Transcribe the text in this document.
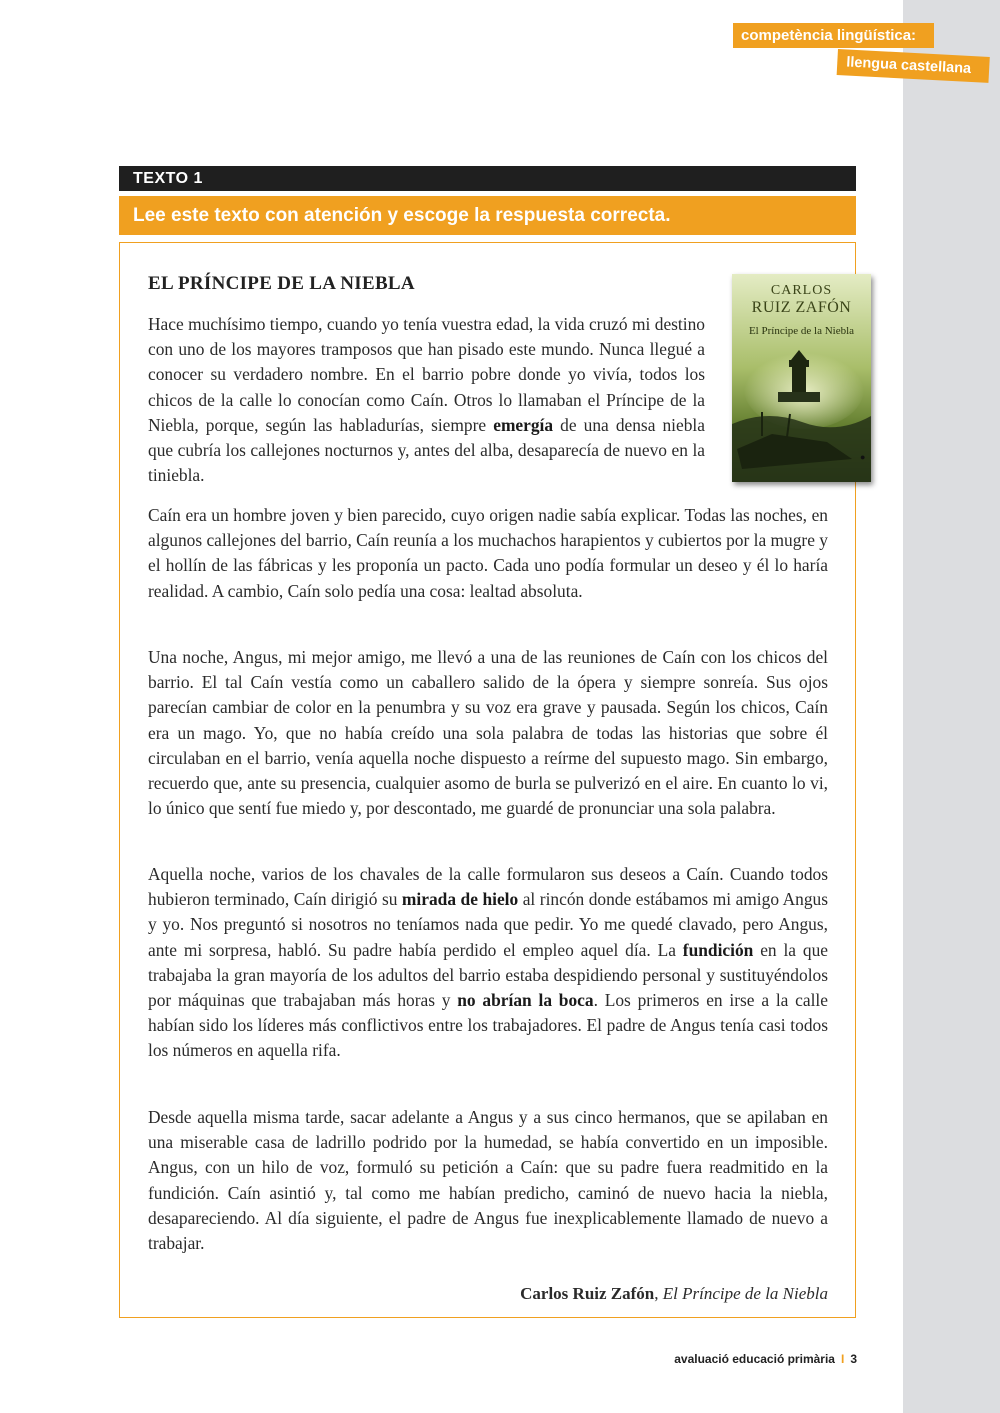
competència lingüística:
llengua castellana
TEXTO 1
Lee este texto con atención y escoge la respuesta correcta.
EL PRÍNCIPE DE LA NIEBLA
●
CARLOS
RUIZ ZAFÓN
El Príncipe de la Niebla

Hace muchísimo tiempo, cuando yo tenía vuestra edad, la vida cruzó mi destino con uno de los mayores tramposos que han pisado este mundo. Nunca llegué a conocer su verdadero nombre. En el barrio pobre donde yo vivía, todos los chicos de la calle lo conocían como Caín. Otros lo llamaban el Príncipe de la Niebla, porque, según las habladurías, siempre emergía de una densa niebla que cubría los callejones nocturnos y, antes del alba, desaparecía de nuevo en la tiniebla.

Caín era un hombre joven y bien parecido, cuyo origen nadie sabía explicar. Todas las noches, en algunos callejones del barrio, Caín reunía a los muchachos harapientos y cubiertos por la mugre y el hollín de las fábricas y les proponía un pacto. Cada uno podía formular un deseo y él lo haría realidad. A cambio, Caín solo pedía una cosa: lealtad absoluta.

Una noche, Angus, mi mejor amigo, me llevó a una de las reuniones de Caín con los chicos del barrio. El tal Caín vestía como un caballero salido de la ópera y siempre sonreía. Sus ojos parecían cambiar de color en la penumbra y su voz era grave y pausada. Según los chicos, Caín era un mago. Yo, que no había creído una sola palabra de todas las historias que sobre él circulaban en el barrio, venía aquella noche dispuesto a reírme del supuesto mago. Sin embargo, recuerdo que, ante su presencia, cualquier asomo de burla se pulverizó en el aire. En cuanto lo vi, lo único que sentí fue miedo y, por descontado, me guardé de pronunciar una sola palabra.

Aquella noche, varios de los chavales de la calle formularon sus deseos a Caín. Cuando todos hubieron terminado, Caín dirigió su mirada de hielo al rincón donde estábamos mi amigo Angus y yo. Nos preguntó si nosotros no teníamos nada que pedir. Yo me quedé clavado, pero Angus, ante mi sorpresa, habló. Su padre había perdido el empleo aquel día. La fundición en la que trabajaba la gran mayoría de los adultos del barrio estaba despidiendo personal y sustituyéndolos por máquinas que trabajaban más horas y no abrían la boca. Los primeros en irse a la calle habían sido los líderes más conflictivos entre los trabajadores. El padre de Angus tenía casi todos los números en aquella rifa.

Desde aquella misma tarde, sacar adelante a Angus y a sus cinco hermanos, que se apilaban en una miserable casa de ladrillo podrido por la humedad, se había convertido en un imposible. Angus, con un hilo de voz, formuló su petición a Caín: que su padre fuera readmitido en la fundición. Caín asintió y, tal como me habían predicho, caminó de nuevo hacia la niebla, desapareciendo. Al día siguiente, el padre de Angus fue inexplicablemente llamado de nuevo a trabajar.

Carlos Ruiz Zafón, El Príncipe de la Niebla
avaluació educació primària I 3
